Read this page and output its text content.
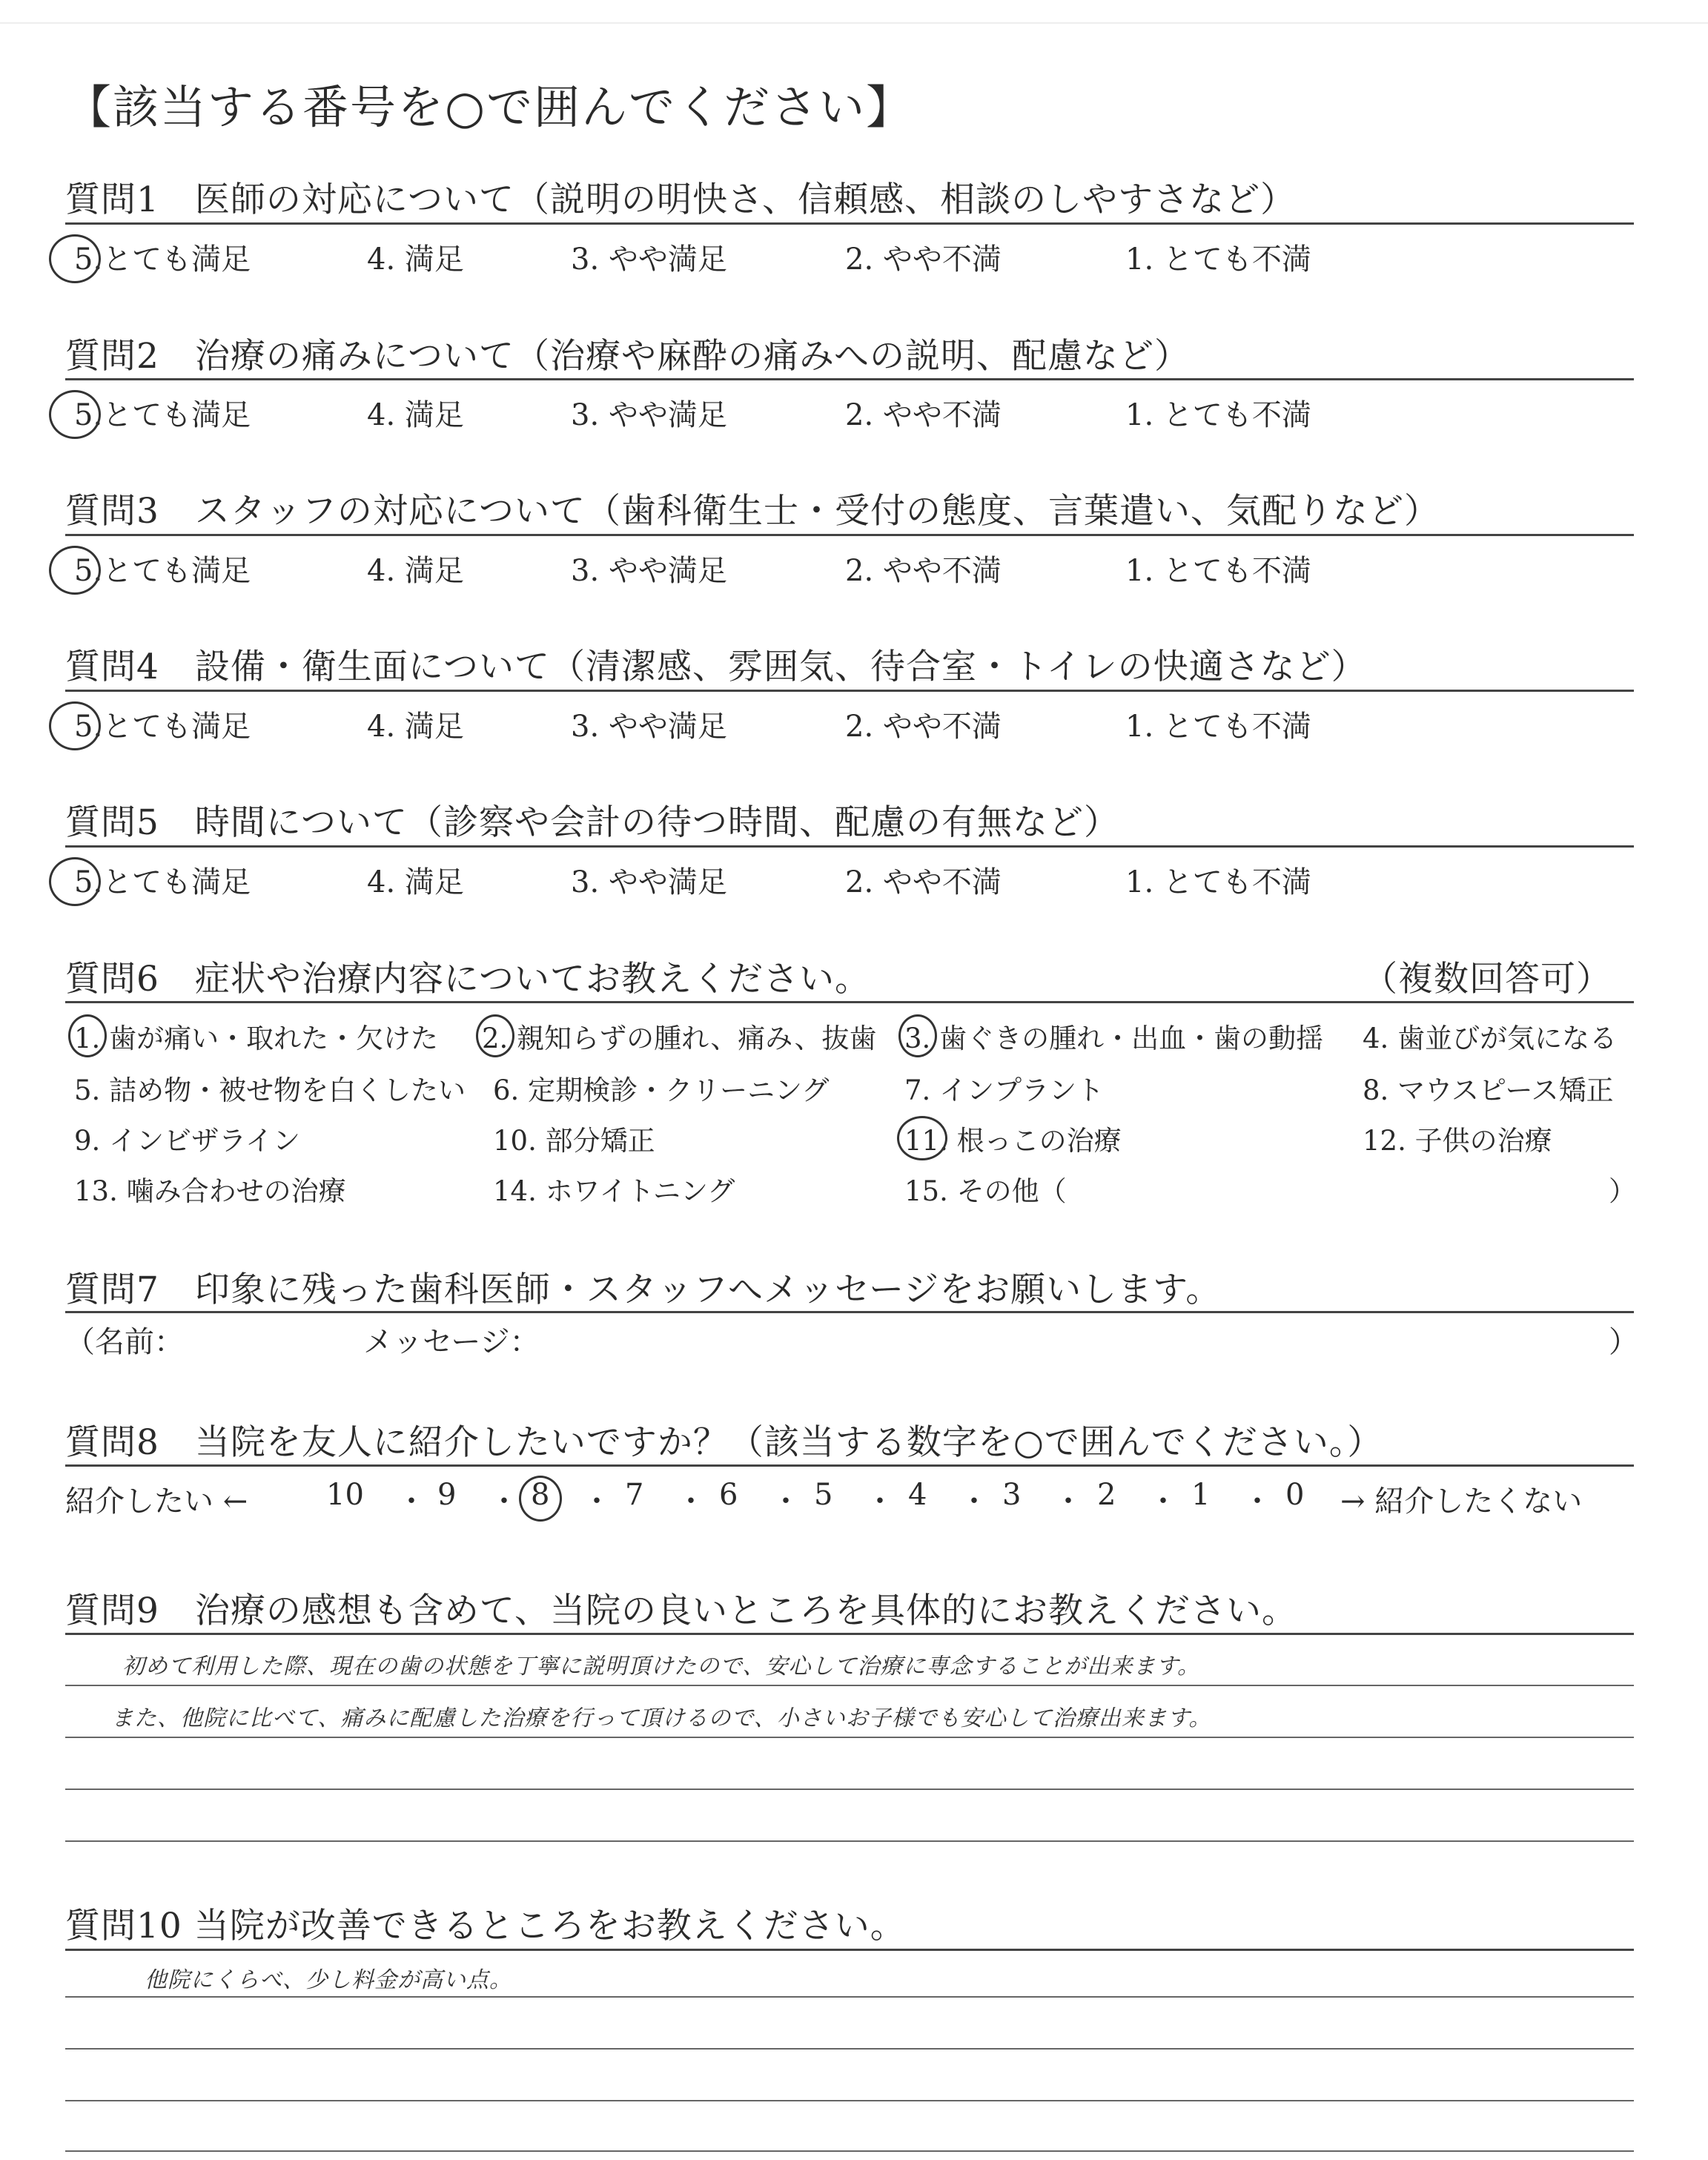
【該当する番号を○で囲んでください】
質問1　医師の対応について（説明の明快さ、信頼感、相談のしやすさなど）
5.とても満足	4. 満足	3. やや満足	2. やや不満	1. とても不満
質問2　治療の痛みについて（治療や麻酔の痛みへの説明、配慮など）
5.とても満足	4. 満足	3. やや満足	2. やや不満	1. とても不満
質問3　スタッフの対応について（歯科衛生士・受付の態度、言葉遣い、気配りなど）
5.とても満足	4. 満足	3. やや満足	2. やや不満	1. とても不満
質問4　設備・衛生面について（清潔感、雰囲気、待合室・トイレの快適さなど）
5.とても満足	4. 満足	3. やや満足	2. やや不満	1. とても不満
質問5　時間について（診察や会計の待つ時間、配慮の有無など）
5.とても満足	4. 満足	3. やや満足	2. やや不満	1. とても不満
質問6　症状や治療内容についてお教えください。	（複数回答可）
1. 歯が痛い・取れた・欠けた 2. 親知らずの腫れ、痛み、抜歯 3. 歯ぐきの腫れ・出血・歯の動揺 4. 歯並びが気になる
5. 詰め物・被せ物を白くしたい 6. 定期検診・クリーニング	7. インプラント	8. マウスピース矯正
9. インビザライン	10. 部分矯正	11. 根っこの治療	12. 子供の治療
13. 噛み合わせの治療	14. ホワイトニング	15. その他（	）
質問7　印象に残った歯科医師・スタッフへメッセージをお願いします。
（名前：	メッセージ：	）
質問8　当院を友人に紹介したいですか？（該当する数字を○で囲んでください。）
紹介したい ←	10 ・ 9 ・ 8 ・ 7 ・ 6 ・ 5 ・ 4 ・ 3 ・ 2 ・ 1 ・ 0 → 紹介したくない
質問9　治療の感想も含めて、当院の良いところを具体的にお教えください。
初めて利用した際、現在の歯の状態を丁寧に説明頂けたので、安心して治療に専念することが出来ます。
また、他院に比べて、痛みに配慮した治療を行って頂けるので、小さいお子様でも安心して治療出来ます。
質問10 当院が改善できるところをお教えください。
他院にくらべ、少し料金が高い点。
